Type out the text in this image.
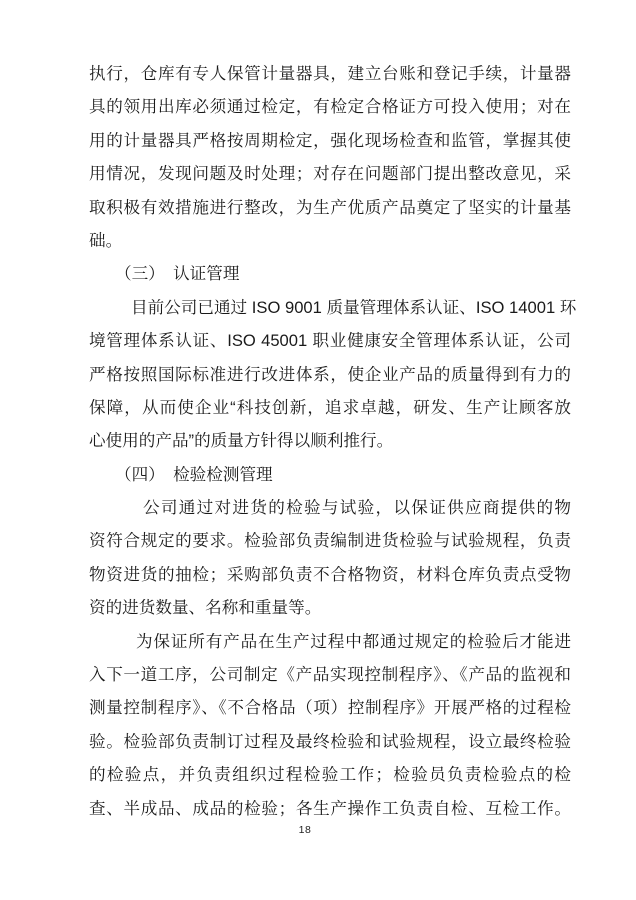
执行，仓库有专人保管计量器具，建立台账和登记手续，计量器
具的领用出库必须通过检定，有检定合格证方可投入使用；对在
用的计量器具严格按周期检定，强化现场检查和监管，掌握其使
用情况，发现问题及时处理；对存在问题部门提出整改意见，采
取积极有效措施进行整改，为生产优质产品奠定了坚实的计量基
础。
（三）　认证管理
目前公司已通过 ISO 9001 质量管理体系认证、ISO 14001 环
境管理体系认证、ISO 45001 职业健康安全管理体系认证，公司
严格按照国际标准进行改进体系，使企业产品的质量得到有力的
保障，从而使企业“科技创新，追求卓越，研发、生产让顾客放
心使用的产品”的质量方针得以顺利推行。
（四）　检验检测管理
公司通过对进货的检验与试验，以保证供应商提供的物
资符合规定的要求。检验部负责编制进货检验与试验规程，负责
物资进货的抽检；采购部负责不合格物资，材料仓库负责点受物
资的进货数量、名称和重量等。
为保证所有产品在生产过程中都通过规定的检验后才能进
入下一道工序，公司制定《产品实现控制程序》、《产品的监视和
测量控制程序》、《不合格品（项）控制程序》开展严格的过程检
验。检验部负责制订过程及最终检验和试验规程，设立最终检验
的检验点，并负责组织过程检验工作；检验员负责检验点的检
查、半成品、成品的检验；各生产操作工负责自检、互检工作。
18
